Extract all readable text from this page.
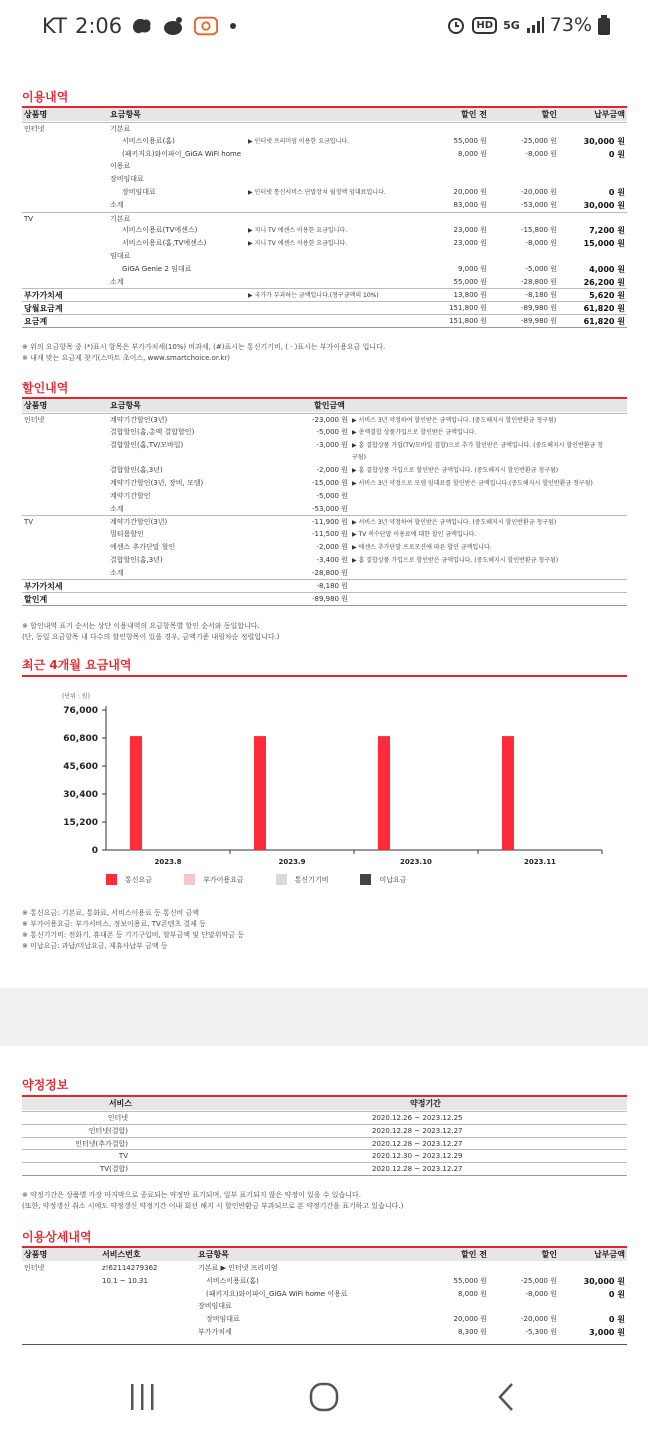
KT 2:06	HD 5G 73%
이용내역
상품명	요금항목	할인 전	할인	납부금액
인터넷	기본료
서비스이용료(홈)	▶ 인터넷 프리미엄 이용한 요금입니다.	55,000 원	-25,000 원	30,000 원
(패키지요)와이파이_GiGA WiFi home	8,000 원	-8,000 원	0 원
이용료
장비임대료
장비임대료	▶ 인터넷 통신서비스 단말장치 월정액 임대료입니다.	20,000 원	-20,000 원	0 원
소계	83,000 원	-53,000 원	30,000 원
TV	기본료
서비스이용료(TV에센스)	▶ 지니 TV 에센스 이용한 요금입니다.	23,000 원	-15,800 원	7,200 원
서비스이용료(홈,TV에센스)	▶ 지니 TV 에센스 이용한 요금입니다.	23,000 원	-8,000 원	15,000 원
임대료
GiGA Genie 2 임대료	9,000 원	-5,000 원	4,000 원
소계	55,000 원	-28,800 원	26,200 원
부가가치세	▶ 국가가 부과하는 금액입니다.(청구금액의 10%)	13,800 원	-8,180 원	5,620 원
당월요금계	151,800 원	-89,980 원	61,820 원
요금계	151,800 원	-89,980 원	61,820 원
※ 위의 요금항목 중 (*)표시 항목은 부가가치세(10%) 비과세, (#)표시는 통신기기비, ( · )표시는 부가이용요금 입니다.
※ 내게 맞는 요금제 찾기(스마트 초이스, www.smartchoice.or.kr)
할인내역
상품명	요금항목	할인금액
인터넷	계약기간할인(3년)	-23,000 원 ▶ 서비스 3년 약정하여 할인받은 금액입니다. (중도해지시 할인반환금 청구됨)
결합할인(홈,총액 결합할인)	-5,000 원 ▶ 총액결합 상품가입으로 할인받은 금액입니다.
결합할인(홈,TV/모바일)	-3,000 원 ▶ 홈 결합상품 가입(TV/모바일 결합)으로 추가 할인받은 금액입니다. (중도해지시 할인반환금 청
구됨)
결합할인(홈,3년)	-2,000 원 ▶ 홈 결합상품 가입으로 할인받은 금액입니다. (중도해지시 할인반환금 청구됨)
계약기간할인(3년, 장비, 모뎀)	-15,000 원 ▶ 서비스 3년 약정으로 모뎀 임대료를 할인받은 금액입니다.(중도해지시 할인반환금 청구됨)
계약기간할인	-5,000 원
소계	-53,000 원
TV	계약기간할인(3년)	-11,900 원 ▶ 서비스 3년 약정하여 할인받은 금액입니다. (중도해지시 할인반환금 청구됨)
멀티룸할인	-11,500 원 ▶ TV 복수단말 이용료에 대한 할인 금액입니다.
에센스 추가단말 할인	-2,000 원 ▶ 에센스 추가단말 프로모션에 따른 할인 금액입니다.
결합할인(홈,3년)	-3,400 원 ▶ 홈 결합상품 가입으로 할인받은 금액입니다. (중도해지시 할인반환금 청구됨)
소계	-28,800 원
부가가치세	-8,180 원
할인계	-89,980 원
※ 할인내역 표기 순서는 상단 이용내역의 요금항목별 할인 순서와 동일합니다.
(단, 동일 요금항목 내 다수의 할인항목이 있을 경우, 금액기준 내림차순 정렬입니다.)
최근 4개월 요금내역
(단위 : 원)
0
15,200
30,400
45,600
60,800
76,000
2023.8	2023.9	2023.10	2023.11
통신요금	부가이용요금	통신기기비	미납요금
※ 통신요금: 기본료, 통화료, 서비스이용료 등 통신비 금액
※ 부가이용요금: 부가서비스, 정보이용료, TV콘텐츠 결제 등
※ 통신기기비: 전화기, 휴대폰 등 기기구입비, 할부금액 및 단말위약금 등
※ 미납요금: 과납/미납요금, 제휴사납부 금액 등
약정정보
서비스	약정기간
인터넷	2020.12.26 ~ 2023.12.25
인터넷(결합)	2020.12.28 ~ 2023.12.27
인터넷(추가결합)	2020.12.28 ~ 2023.12.27
TV	2020.12.30 ~ 2023.12.29
TV(결합)	2020.12.28 ~ 2023.12.27
※ 약정기간은 상품별 가장 마지막으로 종료되는 약정만 표기되며, 일부 표기되지 않은 약정이 있을 수 있습니다.
(또한, 약정갱신 취소 시에도 약정갱신 약정기간 이내 회선 해지 시 할인반환금 부과되므로 본 약정기간을 표기하고 있습니다.)
이용상세내역
상품명	서비스번호	요금항목	할인 전	할인	납부금액
인터넷	z!62114279362	기본료 ▶ 인터넷 프리미엄
10.1 ~ 10.31	서비스이용료(홈)	55,000 원	-25,000 원	30,000 원
(패키지요)와이파이_GiGA WiFi home 이용료	8,000 원	-8,000 원	0 원
장비임대료
장비임대료	20,000 원	-20,000 원	0 원
부가가치세	8,300 원	-5,300 원	3,000 원
